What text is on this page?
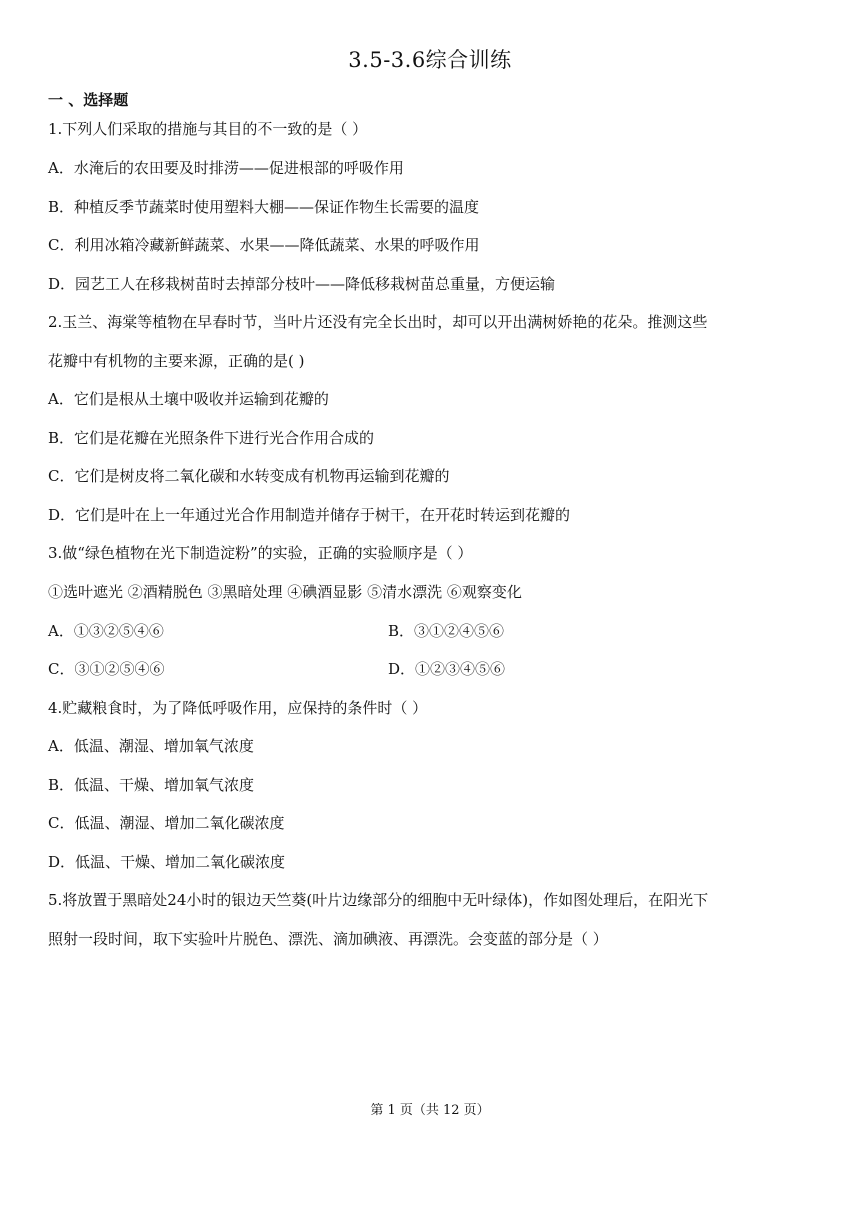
3.5-3.6综合训练
一 、选择题
1.下列人们采取的措施与其目的不一致的是（ ）
A．水淹后的农田要及时排涝——促进根部的呼吸作用
B．种植反季节蔬菜时使用塑料大棚——保证作物生长需要的温度
C．利用冰箱冷藏新鲜蔬菜、水果——降低蔬菜、水果的呼吸作用
D．园艺工人在移栽树苗时去掉部分枝叶——降低移栽树苗总重量，方便运输
2.玉兰、海棠等植物在早春时节，当叶片还没有完全长出时，却可以开出满树娇艳的花朵。推测这些
花瓣中有机物的主要来源，正确的是( )
A．它们是根从土壤中吸收并运输到花瓣的
B．它们是花瓣在光照条件下进行光合作用合成的
C．它们是树皮将二氧化碳和水转变成有机物再运输到花瓣的
D．它们是叶在上一年通过光合作用制造并储存于树干，在开花时转运到花瓣的
3.做“绿色植物在光下制造淀粉”的实验，正确的实验顺序是（ ）
①选叶遮光 ②酒精脱色 ③黑暗处理 ④碘酒显影 ⑤清水漂洗 ⑥观察变化
A．①③②⑤④⑥	B．③①②④⑤⑥
C．③①②⑤④⑥	D．①②③④⑤⑥
4.贮藏粮食时，为了降低呼吸作用，应保持的条件时（ ）
A．低温、潮湿、增加氧气浓度
B．低温、干燥、增加氧气浓度
C．低温、潮湿、增加二氧化碳浓度
D．低温、干燥、增加二氧化碳浓度
5.将放置于黑暗处24小时的银边天竺葵(叶片边缘部分的细胞中无叶绿体)，作如图处理后，在阳光下
照射一段时间，取下实验叶片脱色、漂洗、滴加碘液、再漂洗。会变蓝的部分是（ ）
第 1 页（共 12 页）
